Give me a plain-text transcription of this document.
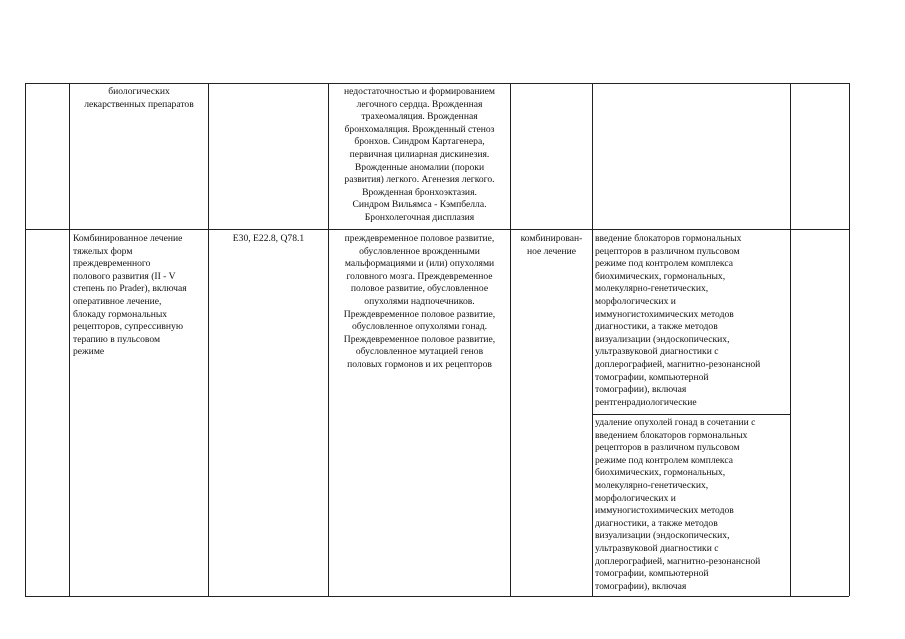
биологических
лекарственных препаратов
недостаточностью и формированием
легочного сердца. Врожденная
трахеомаляция. Врожденная
бронхомаляция. Врожденный стеноз
бронхов. Синдром Картагенера,
первичная цилиарная дискинезия.
Врожденные аномалии (пороки
развития) легкого. Агенезия легкого.
Врожденная бронхоэктазия.
Синдром Вильямса - Кэмпбелла.
Бронхолегочная дисплазия
Комбинированное лечение
тяжелых форм
преждевременного
полового развития (II - V
степень по Prader), включая
оперативное лечение,
блокаду гормональных
рецепторов, супрессивную
терапию в пульсовом
режиме
E30, E22.8, Q78.1	преждевременное половое развитие,
обусловленное врожденными
мальформациями и (или) опухолями
головного мозга. Преждевременное
половое развитие, обусловленное
опухолями надпочечников.
Преждевременное половое развитие,
обусловленное опухолями гонад.
Преждевременное половое развитие,
обусловленное мутацией генов
половых гормонов и их рецепторов
комбинирован-
ное лечение
введение блокаторов гормональных
рецепторов в различном пульсовом
режиме под контролем комплекса
биохимических, гормональных,
молекулярно-генетических,
морфологических и
иммуногистохимических методов
диагностики, а также методов
визуализации (эндоскопических,
ультразвуковой диагностики с
доплерографией, магнитно-резонансной
томографии, компьютерной
томографии), включая
рентгенрадиологические
удаление опухолей гонад в сочетании с
введением блокаторов гормональных
рецепторов в различном пульсовом
режиме под контролем комплекса
биохимических, гормональных,
молекулярно-генетических,
морфологических и
иммуногистохимических методов
диагностики, а также методов
визуализации (эндоскопических,
ультразвуковой диагностики с
доплерографией, магнитно-резонансной
томографии, компьютерной
томографии), включая
